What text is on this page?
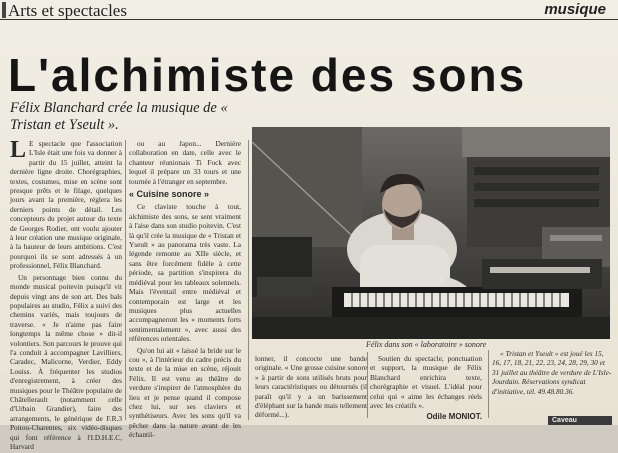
Arts et spectacles	musique
L'alchimiste des sons
Félix Blanchard crée la musique de « Tristan et Yseult ».

L E spectacle que l'association L'Isle était une fois va donner à partir du 15 juillet, atteint la dernière ligne droite. Chorégraphies, textes, costumes, mise en scène sont presque prêts et le filage, quelques jours avant la première, réglera les derniers points de détail. Les concepteurs du projet autour du texte de Georges Rodier, ont voulu ajouter à leur création une musique originale, à la hauteur de leurs ambitions. C'est pourquoi ils se sont adressés à un professionnel, Félix Blanchard.

Un personnage bien connu du monde musical poitevin puisqu'il vit depuis vingt ans de son art. Des bals populaires au studio, Félix a suivi des chemins variés, mais toujours de traverse. « Je n'aime pas faire longtemps la même chose » dit-il volontiers. Son parcours le prouve qui l'a conduit à accompagner Lavilliers, Caradec, Malicorne, Verdier, Eddy Louiss. À fréquenter les studios d'enregistrement, à créer des musiques pour le Théâtre populaire de Châtellerault (notamment celle d'Urbain Grandier), faire des arrangements, le générique de F.R.3 Poitou-Charentes, six vidéo-disques qui font référence à l'I.D.H.E.C, Harvard

ou au Japon... Dernière collaboration en date, celle avec le chanteur réunionais Ti Fock avec lequel il prépare un 33 tours et une tournée à l'étranger en septembre.

« Cuisine sonore »

Ce claviste touche à tout, alchimiste des sons, se sent vraiment à l'aise dans son studio poitevin. C'est là qu'il crée la musique de « Tristan et Yseult » au panorama très vaste. La légende remonte au XIIe siècle, et sans être forcément fidèle à cette période, sa partition s'inspirera du médiéval pour les tableaux solennels. Mais l'éventail entre médiéval et contemporain est large et les musiques plus actuelles accompagneront les « moments forts sentimentalement », avec aussi des références orientales.

Qu'on lui ait « laissé la bride sur le cou », à l'intérieur du cadre précis du texte et de la mise en scène, réjouit Félix. Il est venu au théâtre de verdure s'inspirer de l'atmosphère du lieu et je pense quand il compose chez lui, sur ses claviers et synthétiseurs. Avec les sons qu'il va pêcher dans la nature avant de les échantil-

Félix dans son « laboratoire » sonore

lonner, il concocte une bande originale. « Une grosse cuisine sonore » à partir de sons utilisés bruts pour leurs caractéristiques ou détournés (il paraît qu'il y a un barissement d'éléphant sur la bande mais tellement déformé...).

Soutien du spectacle, ponctuation et support, la musique de Félix Blanchard enrichira texte, chorégraphie et visuel. L'idéal pour celui qui « aime les échanges réels avec les créatifs ».

Odile MONIOT.

« Tristan et Yseult » est joué les 15, 16, 17, 18, 21, 22, 23, 24, 28, 29, 30 et 31 juillet au théâtre de verdure de L'Isle-Jourdain. Réservations syndicat d'initiative, tél. 49.48.80.36.

Caveau
